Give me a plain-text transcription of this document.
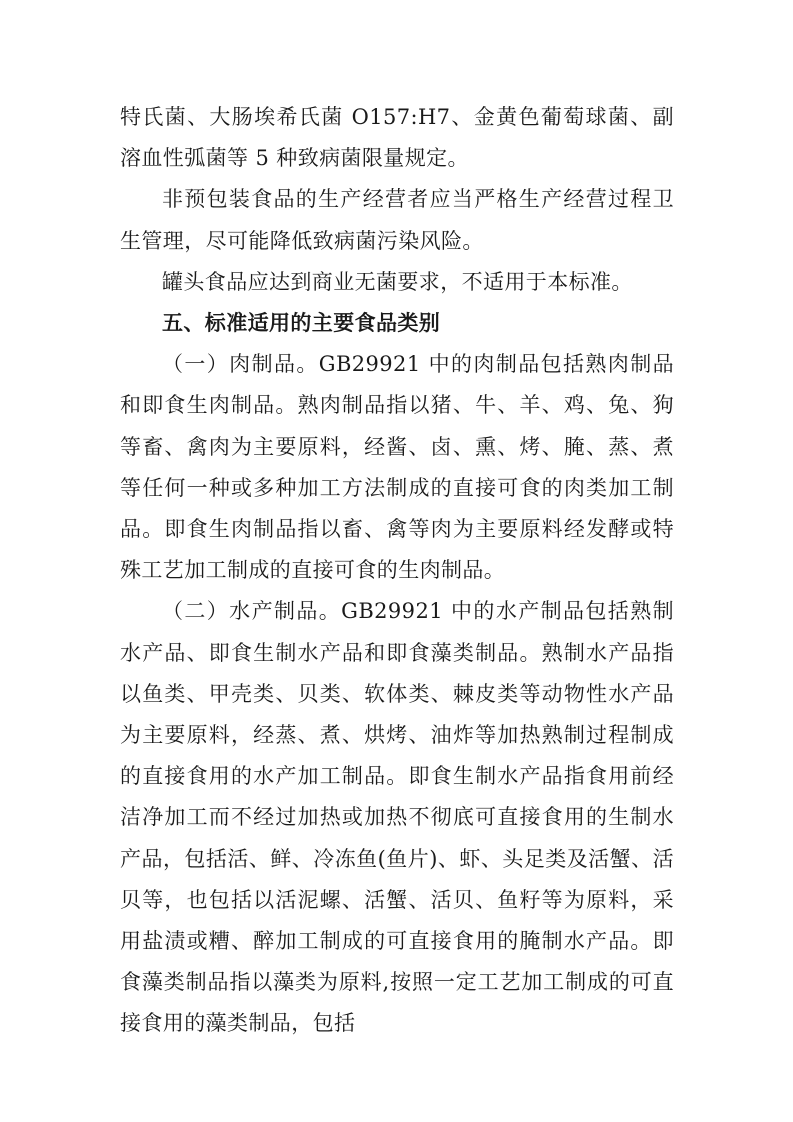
特氏菌、大肠埃希氏菌 O157:H7、金黄色葡萄球菌、副溶血性弧菌等 5 种致病菌限量规定。

非预包装食品的生产经营者应当严格生产经营过程卫生管理，尽可能降低致病菌污染风险。

罐头食品应达到商业无菌要求，不适用于本标准。

五、标准适用的主要食品类别

（一）肉制品。GB29921 中的肉制品包括熟肉制品和即食生肉制品。熟肉制品指以猪、牛、羊、鸡、兔、狗等畜、禽肉为主要原料，经酱、卤、熏、烤、腌、蒸、煮等任何一种或多种加工方法制成的直接可食的肉类加工制品。即食生肉制品指以畜、禽等肉为主要原料经发酵或特殊工艺加工制成的直接可食的生肉制品。

（二）水产制品。GB29921 中的水产制品包括熟制水产品、即食生制水产品和即食藻类制品。熟制水产品指以鱼类、甲壳类、贝类、软体类、棘皮类等动物性水产品为主要原料，经蒸、煮、烘烤、油炸等加热熟制过程制成的直接食用的水产加工制品。即食生制水产品指食用前经洁净加工而不经过加热或加热不彻底可直接食用的生制水产品，包括活、鲜、冷冻鱼(鱼片)、虾、头足类及活蟹、活贝等，也包括以活泥螺、活蟹、活贝、鱼籽等为原料，采用盐渍或糟、醉加工制成的可直接食用的腌制水产品。即食藻类制品指以藻类为原料,按照一定工艺加工制成的可直接食用的藻类制品，包括
